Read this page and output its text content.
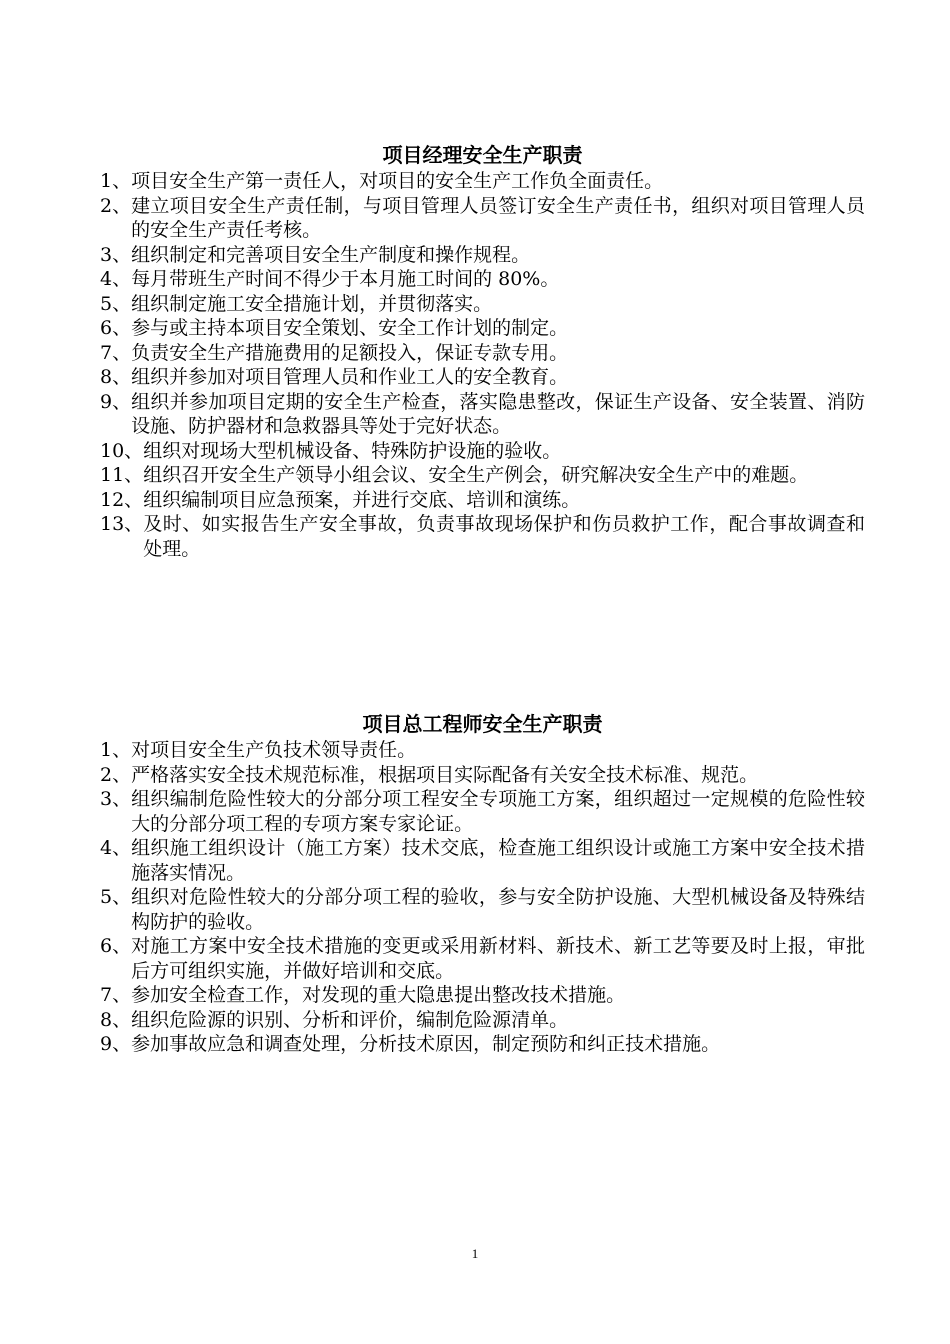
项目经理安全生产职责
1、 项目安全生产第一责任人，对项目的安全生产工作负全面责任。
2、 建立项目安全生产责任制，与项目管理人员签订安全生产责任书，组织对项目管理人员的安全生产责任考核。
3、 组织制定和完善项目安全生产制度和操作规程。
4、 每月带班生产时间不得少于本月施工时间的 80%。
5、 组织制定施工安全措施计划，并贯彻落实。
6、 参与或主持本项目安全策划、安全工作计划的制定。
7、 负责安全生产措施费用的足额投入，保证专款专用。
8、 组织并参加对项目管理人员和作业工人的安全教育。
9、 组织并参加项目定期的安全生产检查，落实隐患整改，保证生产设备、安全装置、消防设施、防护器材和急救器具等处于完好状态。
10、 组织对现场大型机械设备、特殊防护设施的验收。
11、 组织召开安全生产领导小组会议、安全生产例会，研究解决安全生产中的难题。
12、 组织编制项目应急预案，并进行交底、培训和演练。
13、 及时、如实报告生产安全事故，负责事故现场保护和伤员救护工作，配合事故调查和处理。
项目总工程师安全生产职责
1、 对项目安全生产负技术领导责任。
2、 严格落实安全技术规范标准，根据项目实际配备有关安全技术标准、规范。
3、 组织编制危险性较大的分部分项工程安全专项施工方案，组织超过一定规模的危险性较大的分部分项工程的专项方案专家论证。
4、 组织施工组织设计（施工方案）技术交底，检查施工组织设计或施工方案中安全技术措施落实情况。
5、 组织对危险性较大的分部分项工程的验收，参与安全防护设施、大型机械设备及特殊结构防护的验收。
6、 对施工方案中安全技术措施的变更或采用新材料、新技术、新工艺等要及时上报，审批后方可组织实施，并做好培训和交底。
7、 参加安全检查工作，对发现的重大隐患提出整改技术措施。
8、 组织危险源的识别、分析和评价，编制危险源清单。
9、 参加事故应急和调查处理，分析技术原因，制定预防和纠正技术措施。
1
